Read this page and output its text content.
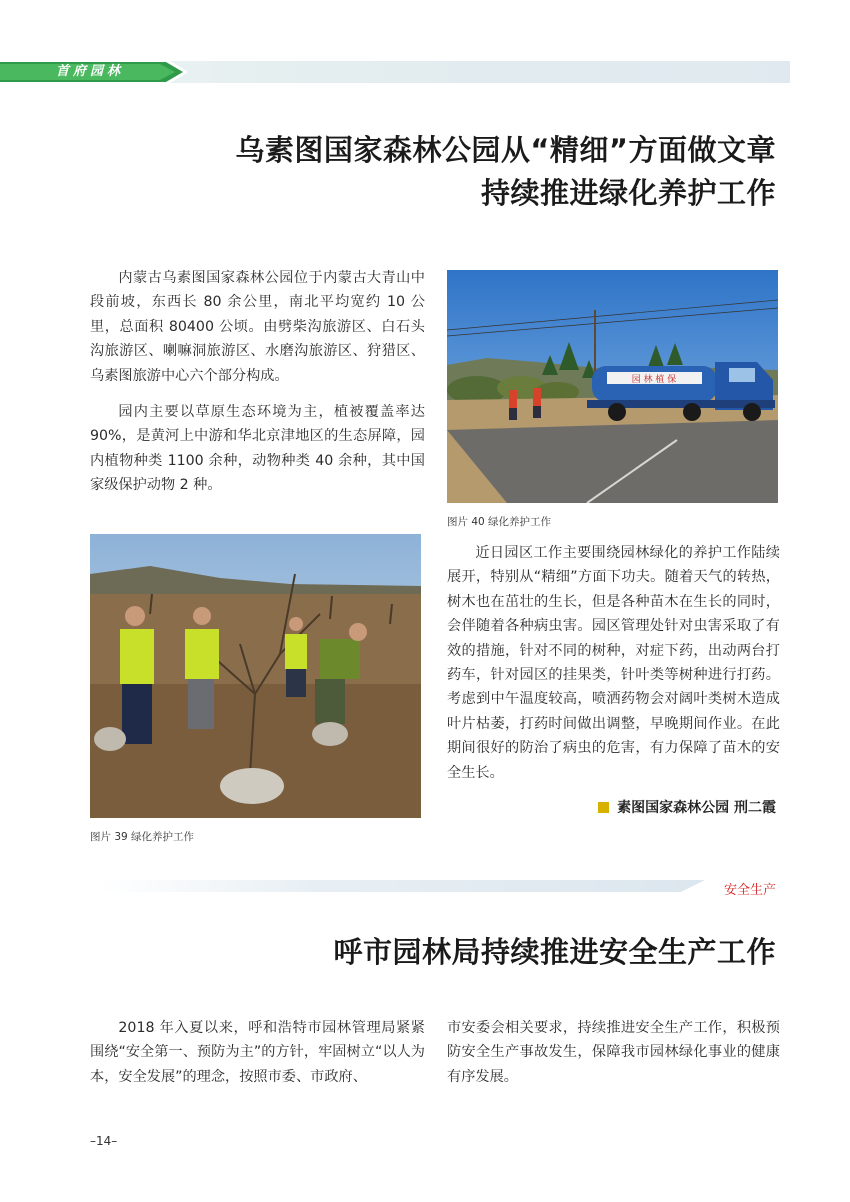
首府园林
乌素图国家森林公园从“精细”方面做文章
持续推进绿化养护工作

内蒙古乌素图国家森林公园位于内蒙古大青山中段前坡，东西长 80 余公里，南北平均宽约 10 公里，总面积 80400 公顷。由劈柴沟旅游区、白石头沟旅游区、喇嘛洞旅游区、水磨沟旅游区、狩猎区、乌素图旅游中心六个部分构成。

园内主要以草原生态环境为主，植被覆盖率达 90%，是黄河上中游和华北京津地区的生态屏障，园内植物种类 1100 余种，动物种类 40 余种，其中国家级保护动物 2 种。

园 林 植 保
图片 40 绿化养护工作
图片 39 绿化养护工作

近日园区工作主要围绕园林绿化的养护工作陆续展开，特别从“精细”方面下功夫。随着天气的转热，树木也在茁壮的生长，但是各种苗木在生长的同时，会伴随着各种病虫害。园区管理处针对虫害采取了有效的措施，针对不同的树种，对症下药，出动两台打药车，针对园区的挂果类，针叶类等树种进行打药。考虑到中午温度较高，喷洒药物会对阔叶类树木造成叶片枯萎，打药时间做出调整，早晚期间作业。在此期间很好的防治了病虫的危害，有力保障了苗木的安全生长。

素图国家森林公园 刑二霞
安全生产
呼市园林局持续推进安全生产工作

2018 年入夏以来，呼和浩特市园林管理局紧紧围绕“安全第一、预防为主”的方针，牢固树立“以人为本，安全发展”的理念，按照市委、市政府、

市安委会相关要求，持续推进安全生产工作，积极预防安全生产事故发生，保障我市园林绿化事业的健康有序发展。

–14–
